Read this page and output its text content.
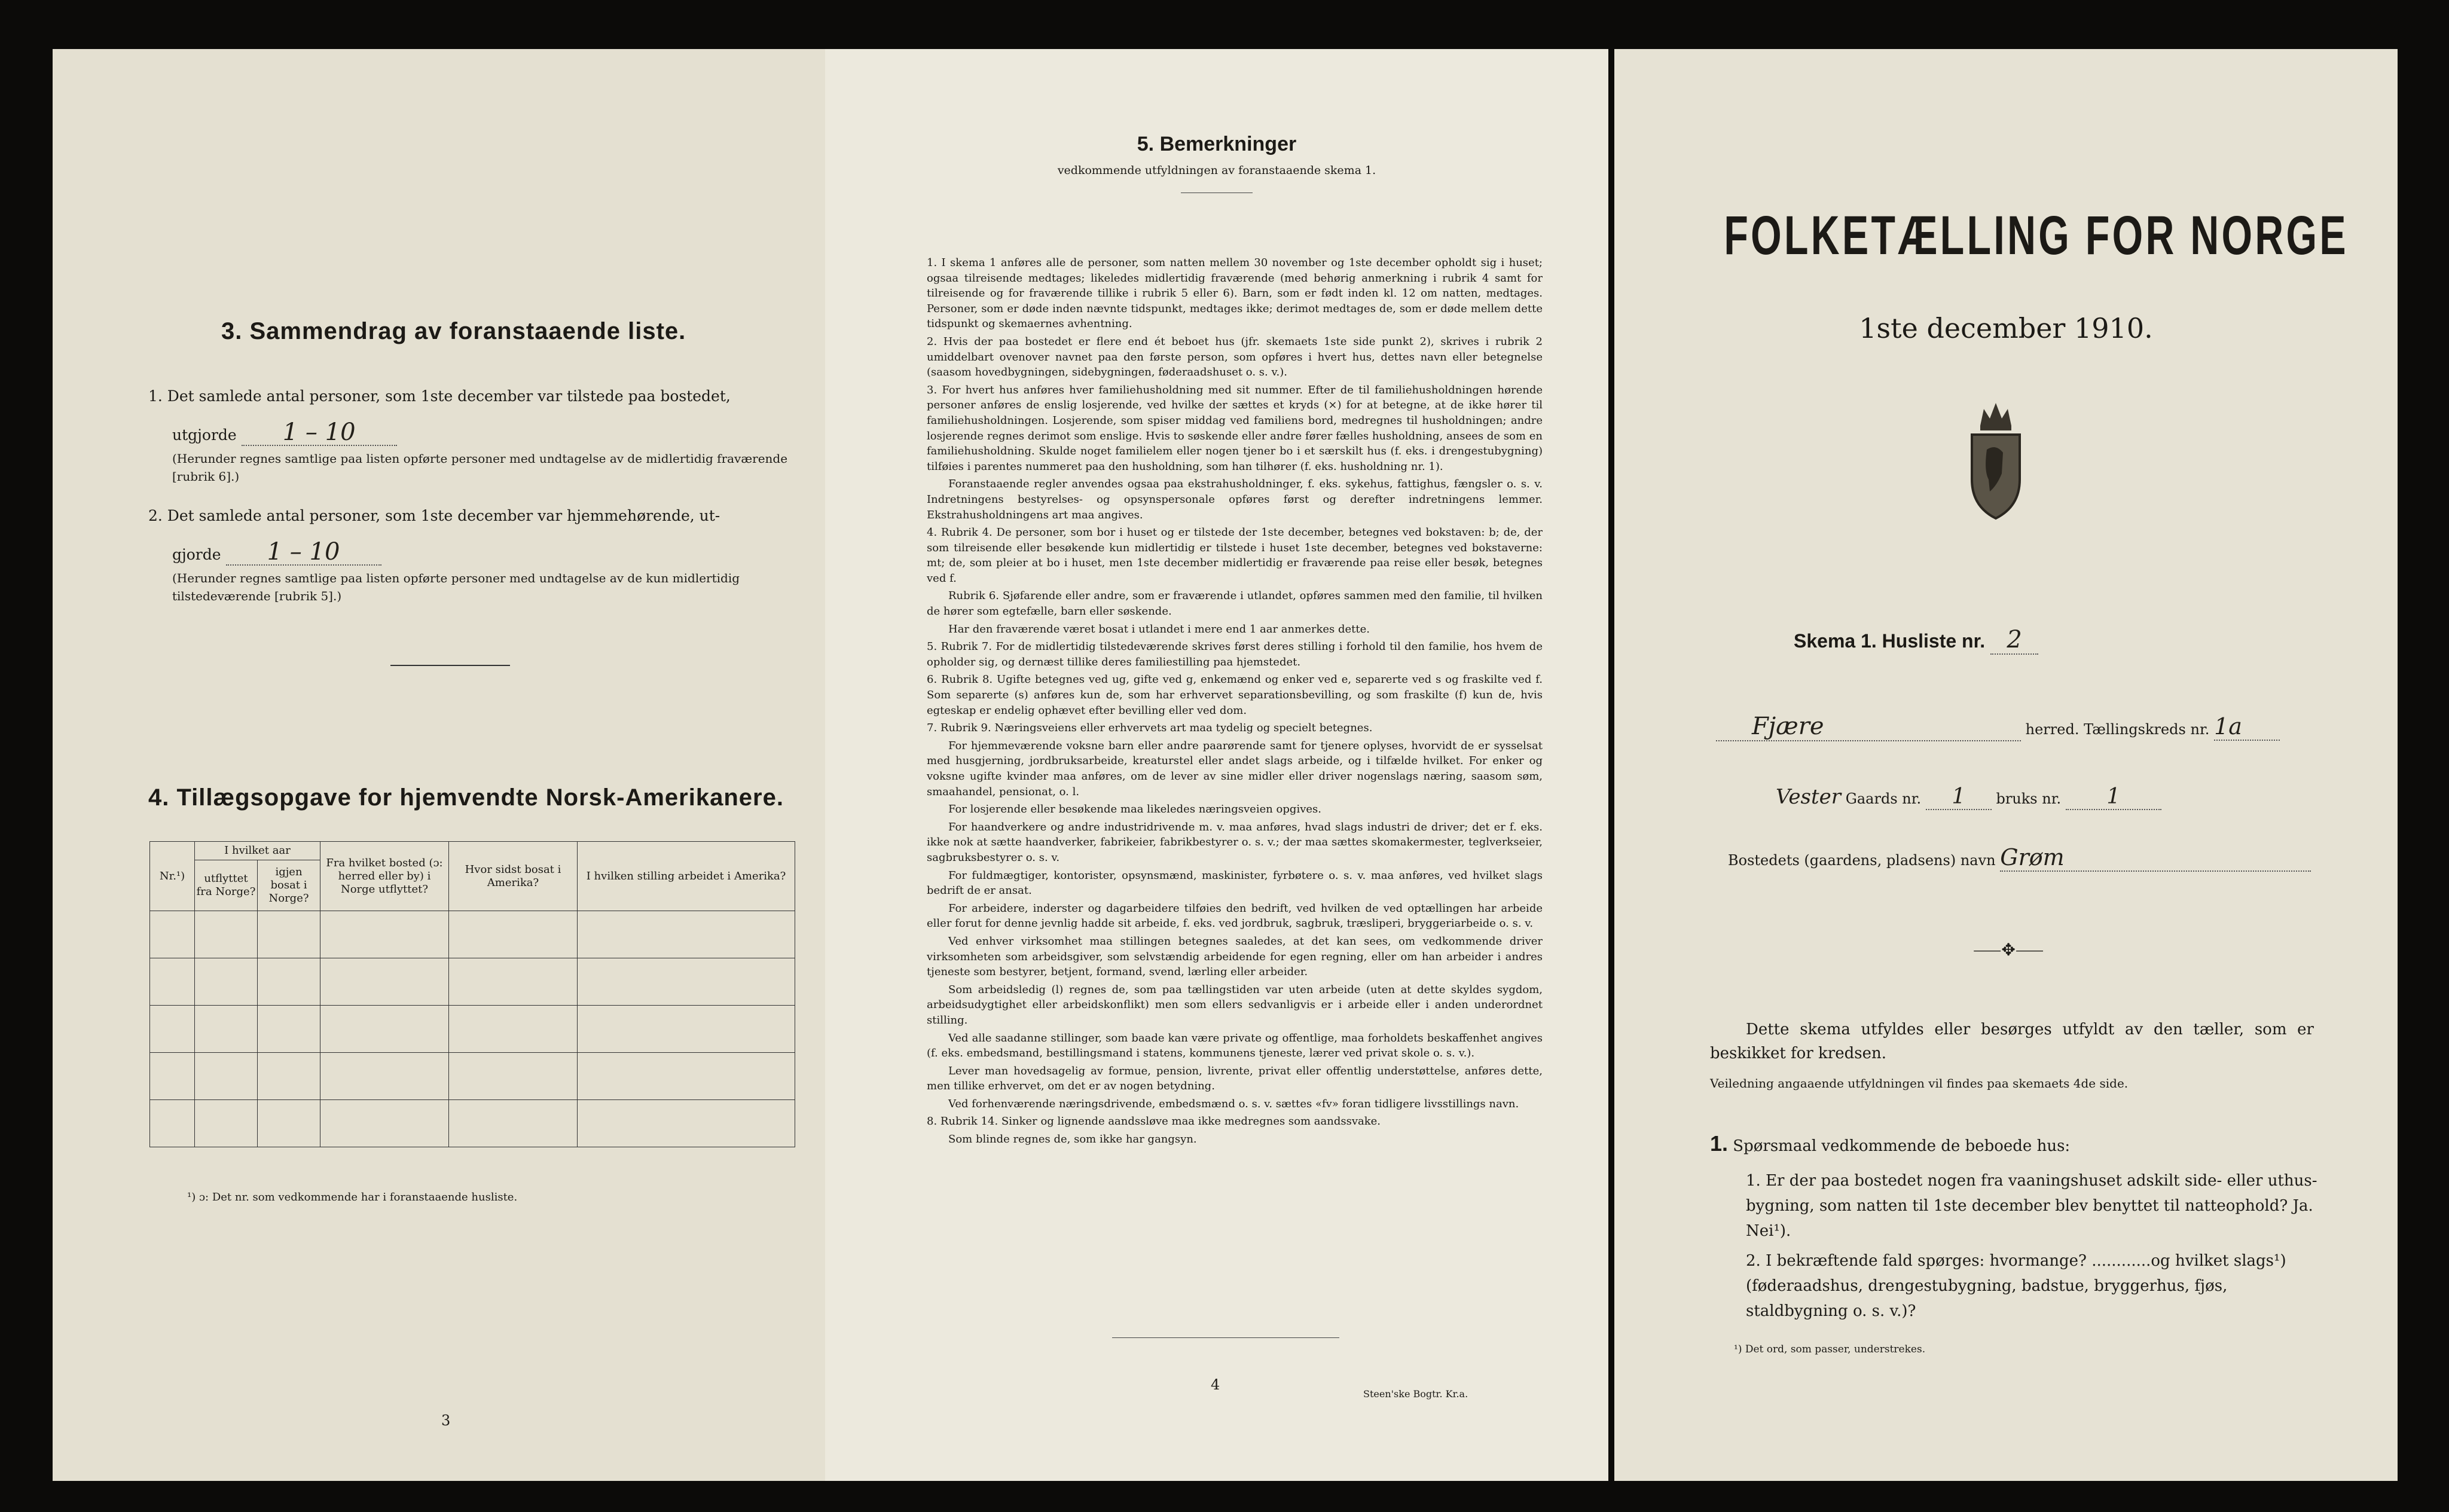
3. Sammendrag av foranstaaende liste.
1. Det samlede antal personer, som 1ste december var tilstede paa bostedet,
utgjorde 1 – 10
(Herunder regnes samtlige paa listen opførte personer med undtagelse av de midlertidig fraværende [rubrik 6].)
2. Det samlede antal personer, som 1ste december var hjemmehørende, ut-
gjorde 1 – 10
(Herunder regnes samtlige paa listen opførte personer med undtagelse av de kun midlertidig tilstedeværende [rubrik 5].)
4. Tillægsopgave for hjemvendte Norsk-Amerikanere.
Nr.¹)	I hvilket aar		Fra hvilket bosted (ɔ: herred eller by) i Norge utflyttet?	Hvor sidst bosat i Amerika?	I hvilken stilling arbeidet i Amerika?
	utflyttet fra Norge?	igjen bosat i Norge?			

¹) ɔ: Det nr. som vedkommende har i foranstaaende husliste.
3
5. Bemerkninger
vedkommende utfyldningen av foranstaaende skema 1.

1. I skema 1 anføres alle de personer, som natten mellem 30 november og 1ste december opholdt sig i huset; ogsaa tilreisende medtages; likeledes midlertidig fraværende (med behørig anmerkning i rubrik 4 samt for tilreisende og for fraværende tillike i rubrik 5 eller 6). Barn, som er født inden kl. 12 om natten, medtages. Personer, som er døde inden nævnte tidspunkt, medtages ikke; derimot medtages de, som er døde mellem dette tidspunkt og skemaernes avhentning.

2. Hvis der paa bostedet er flere end ét beboet hus (jfr. skemaets 1ste side punkt 2), skrives i rubrik 2 umiddelbart ovenover navnet paa den første person, som opføres i hvert hus, dettes navn eller betegnelse (saasom hovedbygningen, sidebygningen, føderaadshuset o. s. v.).

3. For hvert hus anføres hver familiehusholdning med sit nummer. Efter de til familiehusholdningen hørende personer anføres de enslig losjerende, ved hvilke der sættes et kryds (×) for at betegne, at de ikke hører til familiehusholdningen. Losjerende, som spiser middag ved familiens bord, medregnes til husholdningen; andre losjerende regnes derimot som enslige. Hvis to søskende eller andre fører fælles husholdning, ansees de som en familiehusholdning. Skulde noget familielem eller nogen tjener bo i et særskilt hus (f. eks. i drengestubygning) tilføies i parentes nummeret paa den husholdning, som han tilhører (f. eks. husholdning nr. 1).

Foranstaaende regler anvendes ogsaa paa ekstrahusholdninger, f. eks. sykehus, fattighus, fængsler o. s. v. Indretningens bestyrelses- og opsynspersonale opføres først og derefter indretningens lemmer. Ekstrahusholdningens art maa angives.

4. Rubrik 4. De personer, som bor i huset og er tilstede der 1ste december, betegnes ved bokstaven: b; de, der som tilreisende eller besøkende kun midlertidig er tilstede i huset 1ste december, betegnes ved bokstaverne: mt; de, som pleier at bo i huset, men 1ste december midlertidig er fraværende paa reise eller besøk, betegnes ved f.

Rubrik 6. Sjøfarende eller andre, som er fraværende i utlandet, opføres sammen med den familie, til hvilken de hører som egtefælle, barn eller søskende.

Har den fraværende været bosat i utlandet i mere end 1 aar anmerkes dette.

5. Rubrik 7. For de midlertidig tilstedeværende skrives først deres stilling i forhold til den familie, hos hvem de opholder sig, og dernæst tillike deres familiestilling paa hjemstedet.

6. Rubrik 8. Ugifte betegnes ved ug, gifte ved g, enkemænd og enker ved e, separerte ved s og fraskilte ved f. Som separerte (s) anføres kun de, som har erhvervet separationsbevilling, og som fraskilte (f) kun de, hvis egteskap er endelig ophævet efter bevilling eller ved dom.

7. Rubrik 9. Næringsveiens eller erhvervets art maa tydelig og specielt betegnes.

For hjemmeværende voksne barn eller andre paarørende samt for tjenere oplyses, hvorvidt de er sysselsat med husgjerning, jordbruksarbeide, kreaturstel eller andet slags arbeide, og i tilfælde hvilket. For enker og voksne ugifte kvinder maa anføres, om de lever av sine midler eller driver nogenslags næring, saasom søm, smaahandel, pensionat, o. l.

For losjerende eller besøkende maa likeledes næringsveien opgives.

For haandverkere og andre industridrivende m. v. maa anføres, hvad slags industri de driver; det er f. eks. ikke nok at sætte haandverker, fabrikeier, fabrikbestyrer o. s. v.; der maa sættes skomakermester, teglverkseier, sagbruksbestyrer o. s. v.

For fuldmægtiger, kontorister, opsynsmænd, maskinister, fyrbøtere o. s. v. maa anføres, ved hvilket slags bedrift de er ansat.

For arbeidere, inderster og dagarbeidere tilføies den bedrift, ved hvilken de ved optællingen har arbeide eller forut for denne jevnlig hadde sit arbeide, f. eks. ved jordbruk, sagbruk, træsliperi, bryggeriarbeide o. s. v.

Ved enhver virksomhet maa stillingen betegnes saaledes, at det kan sees, om vedkommende driver virksomheten som arbeidsgiver, som selvstændig arbeidende for egen regning, eller om han arbeider i andres tjeneste som bestyrer, betjent, formand, svend, lærling eller arbeider.

Som arbeidsledig (l) regnes de, som paa tællingstiden var uten arbeide (uten at dette skyldes sygdom, arbeidsudygtighet eller arbeidskonflikt) men som ellers sedvanligvis er i arbeide eller i anden underordnet stilling.

Ved alle saadanne stillinger, som baade kan være private og offentlige, maa forholdets beskaffenhet angives (f. eks. embedsmand, bestillingsmand i statens, kommunens tjeneste, lærer ved privat skole o. s. v.).

Lever man hovedsagelig av formue, pension, livrente, privat eller offentlig understøttelse, anføres dette, men tillike erhvervet, om det er av nogen betydning.

Ved forhenværende næringsdrivende, embedsmænd o. s. v. sættes «fv» foran tidligere livsstillings navn.

8. Rubrik 14. Sinker og lignende aandssløve maa ikke medregnes som aandssvake.

Som blinde regnes de, som ikke har gangsyn.

4
Steen'ske Bogtr. Kr.a.
FOLKETÆLLING FOR NORGE
1ste december 1910.
Skema 1. Husliste nr. 2
Fjære	herred. Tællingskreds nr. 1a
Vester Gaards nr. 1 bruks nr. 1
Bostedets (gaardens, pladsens) navn Grøm
⸺✥⸺
Dette skema utfyldes eller besørges utfyldt av den tæller, som er beskikket for kredsen.
Veiledning angaaende utfyldningen vil findes paa skemaets 4de side.
1. Spørsmaal vedkommende de beboede hus:
1. Er der paa bostedet nogen fra vaaningshuset adskilt side- eller uthus-bygning, som natten til 1ste december blev benyttet til natteophold? Ja. Nei¹).
2. I bekræftende fald spørges: hvormange? ............og hvilket slags¹) (føderaadshus, drengestubygning, badstue, bryggerhus, fjøs, staldbygning o. s. v.)?
¹) Det ord, som passer, understrekes.
